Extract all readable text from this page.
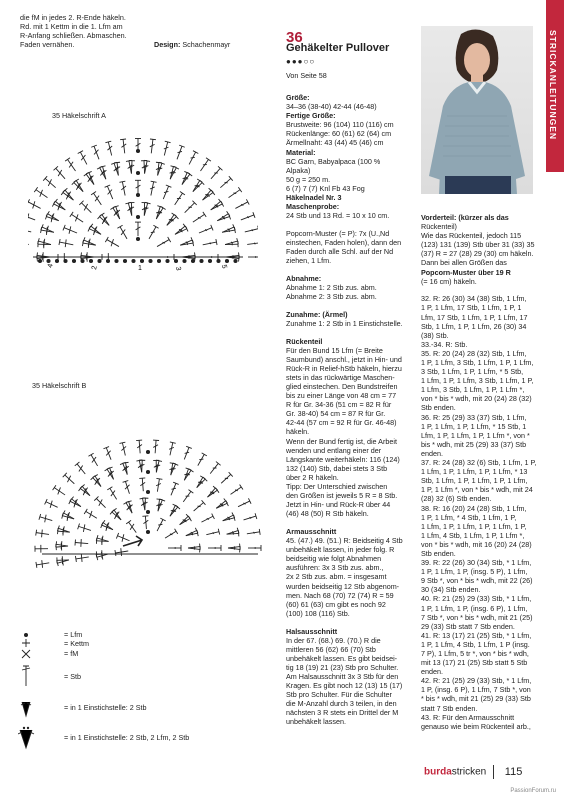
STRICKANLEITUNGEN
die fM in jedes 2. R-Ende häkeln.
Rd. mit 1 Kettm in die 1. Lfm am
R-Anfang schließen. Abmaschen.
Faden vernähen.	Design: Schachenmayr
35 Häkelschrift A
4	2	1	3	5
35 Häkelschrift B
= Lfm
= Kettm
= fM
= Stb
= in 1 Einstichstelle: 2 Stb
= in 1 Einstichstelle: 2 Stb, 2 Lfm, 2 Stb
36
Gehäkelter Pullover
●●●○○
Von Seite 58
Größe:
34–36 (38-40) 42-44 (46-48)
Fertige Größe:
Brustweite: 96 (104) 110 (116) cm
Rückenlänge: 60 (61) 62 (64) cm
Ärmellnaht: 43 (44) 45 (46) cm
Material:
BC Garn, Babyalpaca (100 %
Alpaka)
50 g = 250 m.
6 (7) 7 (7) Knl Fb 43 Fog
Häkelnadel Nr. 3
Maschenprobe:
24 Stb und 13 Rd. = 10 x 10 cm.
Popcorn-Muster (= P): 7x (U.,Nd
einstechen, Faden holen), dann den
Faden durch alle Schl. auf der Nd
ziehen, 1 Lfm.
Abnahme:
Abnahme 1: 2 Stb zus. abm.
Abnahme 2: 3 Stb zus. abm.
Zunahme: (Ärmel)
Zunahme 1: 2 Stb in 1 Einstichstelle.
Rückenteil
Für den Bund 15 Lfm (= Breite
Saumbund) anschl., jetzt in Hin- und
Rück-R in Relief-hStb häkeln, hierzu
stets in das rückwärtige Maschen-
glied einstechen. Den Bundstreifen
bis zu einer Länge von 48 cm = 77
R für Gr. 34-36 (51 cm = 82 R für
Gr. 38-40) 54 cm = 87 R für Gr.
42-44 (57 cm = 92 R für Gr. 46-48)
häkeln.
Wenn der Bund fertig ist, die Arbeit
wenden und entlang einer der
Längskante weiterhäkeln: 116 (124)
132 (140) Stb, dabei stets 3 Stb
über 2 R häkeln.
Tipp: Der Unterschied zwischen
den Größen ist jeweils 5 R = 8 Stb.
Jetzt in Hin- und Rück-R über 44
(46) 48 (50) R Stb häkeln.
Armausschnitt
45. (47.) 49. (51.) R: Beidseitig 4 Stb
unbehäkelt lassen, in jeder folg. R
beidseitig wie folgt Abnahmen
ausführen: 3x 3 Stb zus. abm.,
2x 2 Stb zus. abm. = insgesamt
wurden beidseitig 12 Stb abgenom-
men. Nach 68 (70) 72 (74) R = 59
(60) 61 (63) cm gibt es noch 92
(100) 108 (116) Stb.
Halsausschnitt
In der 67. (68.) 69. (70.) R die
mittleren 56 (62) 66 (70) Stb
unbehäkelt lassen. Es gibt beidsei-
tig 18 (19) 21 (23) Stb pro Schulter.
Am Halsausschnitt 3x 3 Stb für den
Kragen. Es gibt noch 12 (13) 15 (17)
Stb pro Schulter. Für die Schulter
die M-Anzahl durch 3 teilen, in den
nächsten 3 R stets ein Drittel der M
unbehäkelt lassen.
Vorderteil: (kürzer als das
Rückenteil)
Wie das Rückenteil, jedoch 115
(123) 131 (139) Stb über 31 (33) 35
(37) R = 27 (28) 29 (30) cm häkeln.
Dann bei allen Größen das
Popcorn-Muster über 19 R
(= 16 cm) häkeln.
32. R: 26 (30) 34 (38) Stb, 1 Lfm,
1 P, 1 Lfm, 17 Stb, 1 Lfm, 1 P, 1
Lfm, 17 Stb, 1 Lfm, 1 P, 1 Lfm, 17
Stb, 1 Lfm, 1 P, 1 Lfm, 26 (30) 34
(38) Stb.
33.-34. R: Stb.
35. R: 20 (24) 28 (32) Stb, 1 Lfm,
1 P, 1 Lfm, 3 Stb, 1 Lfm, 1 P, 1 Lfm,
3 Stb, 1 Lfm, 1 P, 1 Lfm, * 5 Stb,
1 Lfm, 1 P, 1 Lfm, 3 Stb, 1 Lfm, 1 P,
1 Lfm, 3 Stb, 1 Lfm, 1 P, 1 Lfm *,
von * bis * wdh, mit 20 (24) 28 (32)
Stb enden.
36. R: 25 (29) 33 (37) Stb, 1 Lfm,
1 P, 1 Lfm, 1 P, 1 Lfm, * 15 Stb, 1
Lfm, 1 P, 1 Lfm, 1 P, 1 Lfm *, von *
bis * wdh, mit 25 (29) 33 (37) Stb
enden.
37. R: 24 (28) 32 (6) Stb, 1 Lfm, 1 P,
1 Lfm, 1 P, 1 Lfm, 1 P, 1 Lfm, * 13
Stb, 1 Lfm, 1 P, 1 Lfm, 1 P, 1 Lfm,
1 P, 1 Lfm *, von * bis * wdh, mit 24
(28) 32 (6) Stb enden.
38. R: 16 (20) 24 (28) Stb, 1 Lfm,
1 P, 1 Lfm, * 4 Stb, 1 Lfm, 1 P,
1 Lfm, 1 P, 1 Lfm, 1 P, 1 Lfm, 1 P,
1 Lfm, 4 Stb, 1 Lfm, 1 P, 1 Lfm *,
von * bis * wdh, mit 16 (20) 24 (28)
Stb enden.
39. R: 22 (26) 30 (34) Stb, * 1 Lfm,
1 P, 1 Lfm, 1 P, (insg. 5 P), 1 Lfm,
9 Stb *, von * bis * wdh, mit 22 (26)
30 (34) Stb enden.
40. R: 21 (25) 29 (33) Stb, * 1 Lfm,
1 P, 1 Lfm, 1 P, (insg. 6 P), 1 Lfm,
7 Stb *, von * bis * wdh, mit 21 (25)
29 (33) Stb statt 7 Stb enden.
41. R: 13 (17) 21 (25) Stb, * 1 Lfm,
1 P, 1 Lfm, 4 Stb, 1 Lfm, 1 P (insg.
7 P), 1 Lfm, 5 tr *, von * bis * wdh,
mit 13 (17) 21 (25) Stb statt 5 Stb
enden.
42. R: 21 (25) 29 (33) Stb, * 1 Lfm,
1 P, (insg. 6 P), 1 Lfm, 7 Stb *, von
* bis * wdh, mit 21 (25) 29 (33) Stb
statt 7 Stb enden.
43. R: Für den Armausschnitt
genauso wie beim Rückenteil arb.,
burdastricken 115
PassionForum.ru
